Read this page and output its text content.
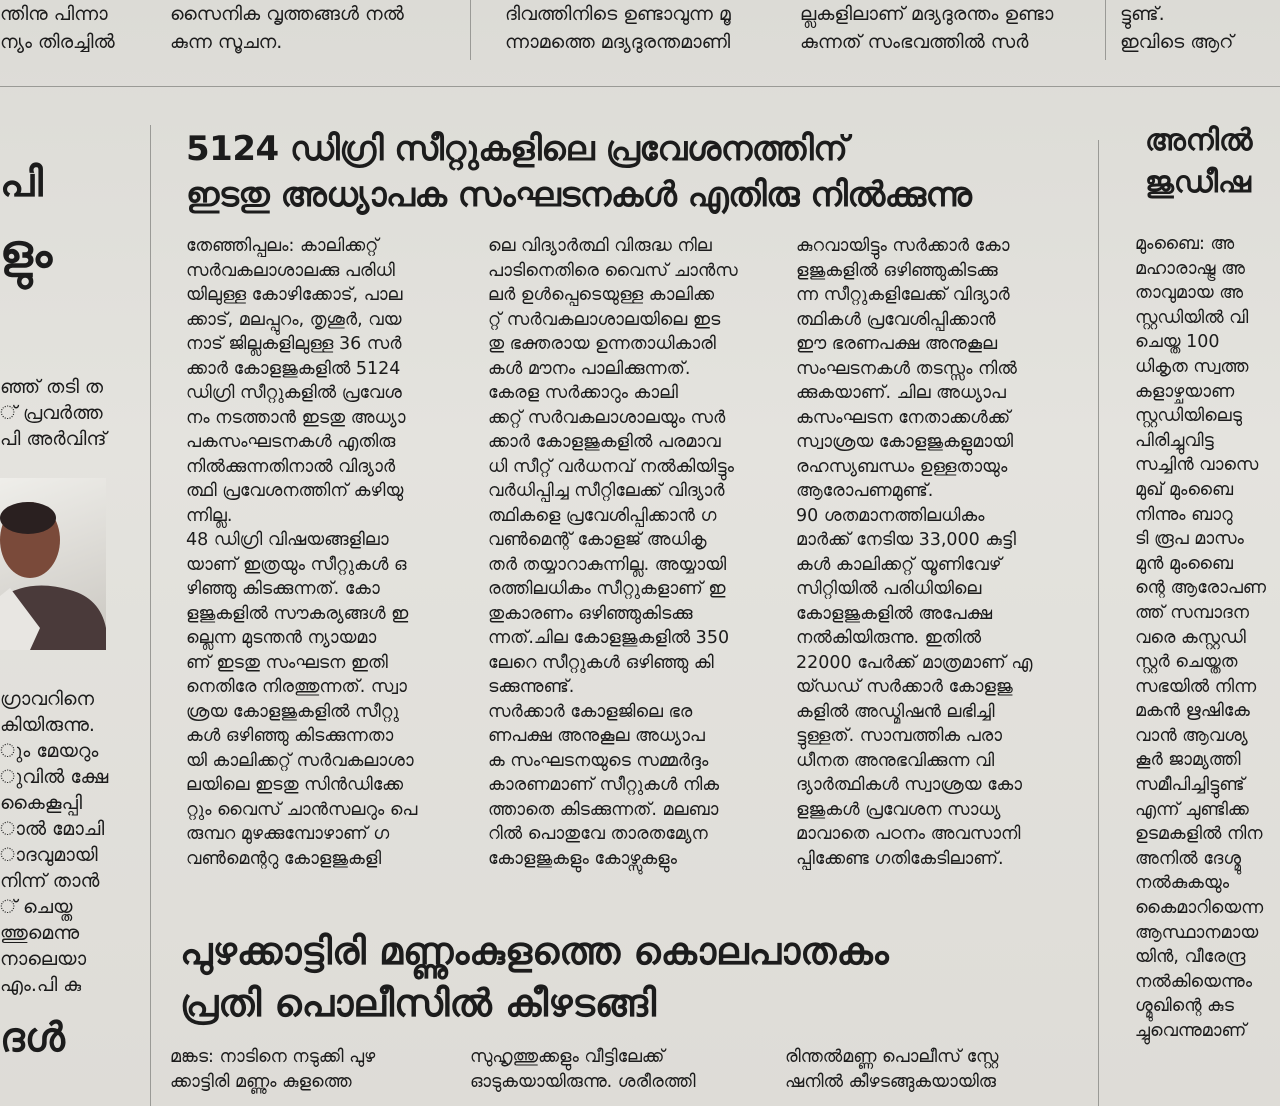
ന്തിനു പിന്നാ
ന്യം തിരച്ചിൽ
സൈനിക വൃത്തങ്ങൾ നൽ
കുന്ന സൂചന.
ദിവത്തിനിടെ ഉണ്ടാവുന്ന മൂ
ന്നാമത്തെ മദ്യദുരന്തമാണി
ല്ലകളിലാണ് മദ്യദുരന്തം ഉണ്ടാ
കുന്നത് സംഭവത്തിൽ സർ
ട്ടുണ്ട്.
ഇവിടെ ആറ്
പി
ളും
ഞ്ഞ് തടി ത
് പ്രവർത്ത
പി അർവിന്ദ്
ഗ്രാവറിനെ
കിയിരുന്നു.
ും മേയറും
ുവിൽ ക്ഷേ
കൈകൂപ്പി
ാൽ മോചി
ാദവുമായി
നിന്ന് താൻ
് ചെയ്ത
ത്തുമെന്നു
നാലെയാ
എം.പി കു
ദൾ
5124 ഡിഗ്രി സീറ്റുകളിലെ പ്രവേശനത്തിന്
ഇടതു അധ്യാപക സംഘടനകൾ എതിരു നിൽക്കുന്നു
തേഞ്ഞിപ്പലം: കാലിക്കറ്റ്
സർവകലാശാലക്കു പരിധി
യിലുള്ള കോഴിക്കോട്, പാല
ക്കാട്, മലപ്പുറം, തൃശൂർ, വയ
നാട് ജില്ലകളിലുള്ള 36 സർ
ക്കാർ കോളജുകളിൽ 5124
ഡിഗ്രി സീറ്റുകളിൽ പ്രവേശ
നം നടത്താൻ ഇടതു അധ്യാ
പകസംഘടനകൾ എതിരു
നിൽക്കുന്നതിനാൽ വിദ്യാർ
ത്ഥി പ്രവേശനത്തിന് കഴിയു
ന്നില്ല.
48 ഡിഗ്രി വിഷയങ്ങളിലാ
യാണ് ഇത്രയും സീറ്റുകൾ ഒ
ഴിഞ്ഞു കിടക്കുന്നത്. കോ
ളജുകളിൽ സൗകര്യങ്ങൾ ഇ
ല്ലെന്ന മുടന്തൻ ന്യായമാ
ണ് ഇടതു സംഘടന ഇതി
നെതിരേ നിരത്തുന്നത്. സ്വാ
ശ്രയ കോളജുകളിൽ സീറ്റു
കൾ ഒഴിഞ്ഞു കിടക്കുന്നതാ
യി കാലിക്കറ്റ് സർവകലാശാ
ലയിലെ ഇടതു സിൻഡിക്കേ
റ്റും വൈസ് ചാൻസലറും പെ
രുമ്പറ മുഴക്കുമ്പോഴാണ് ഗ
വൺമെന്ററു കോളജുകളി
ലെ വിദ്യാർത്ഥി വിരുദ്ധ നില
പാടിനെതിരെ വൈസ് ചാൻസ
ലർ ഉൾപ്പെടെയുള്ള കാലിക്ക
റ്റ് സർവകലാശാലയിലെ ഇട
തു ഭക്തരായ ഉന്നതാധികാരി
കൾ മൗനം പാലിക്കുന്നത്.
കേരള സർക്കാറും കാലി
ക്കറ്റ് സർവകലാശാലയും സർ
ക്കാർ കോളജുകളിൽ പരമാവ
ധി സീറ്റ് വർധനവ് നൽകിയിട്ടും
വർധിപ്പിച്ച സീറ്റിലേക്ക് വിദ്യാർ
ത്ഥികളെ പ്രവേശിപ്പിക്കാൻ ഗ
വൺമെന്റ് കോളജ് അധികൃ
തർ തയ്യാറാകുന്നില്ല. അയ്യായി
രത്തിലധികം സീറ്റുകളാണ് ഇ
തുകാരണം ഒഴിഞ്ഞുകിടക്കു
ന്നത്.ചില കോളജുകളിൽ 350
ലേറെ സീറ്റുകൾ ഒഴിഞ്ഞു കി
ടക്കുന്നുണ്ട്.
സർക്കാർ കോളജിലെ ഭര
ണപക്ഷ അനുകൂല അധ്യാപ
ക സംഘടനയുടെ സമ്മർദ്ദം
കാരണമാണ് സീറ്റുകൾ നിക
ത്താതെ കിടക്കുന്നത്. മലബാ
റിൽ പൊതുവേ താരതമ്യേന
കോളജുകളും കോഴ്സുകളും
കുറവായിട്ടും സർക്കാർ കോ
ളജുകളിൽ ഒഴിഞ്ഞുകിടക്കു
ന്ന സീറ്റുകളിലേക്ക് വിദ്യാർ
ത്ഥികൾ പ്രവേശിപ്പിക്കാൻ
ഈ ഭരണപക്ഷ അനുകൂല
സംഘടനകൾ തടസ്സം നിൽ
ക്കുകയാണ്. ചില അധ്യാപ
കസംഘടന നേതാക്കൾക്ക്
സ്വാശ്രയ കോളജുകളുമായി
രഹസ്യബന്ധം ഉള്ളതായും
ആരോപണമുണ്ട്.
90 ശതമാനത്തിലധികം
മാർക്ക് നേടിയ 33,000 കുട്ടി
കൾ കാലിക്കറ്റ് യൂണിവേഴ്
സിറ്റിയിൽ പരിധിയിലെ
കോളജുകളിൽ അപേക്ഷ
നൽകിയിരുന്നു. ഇതിൽ
22000 പേർക്ക് മാത്രമാണ് എ
യ്ഡഡ് സർക്കാർ കോളജു
കളിൽ അഡ്മിഷൻ ലഭിച്ചി
ട്ടുള്ളത്. സാമ്പത്തിക പരാ
ധീനത അനുഭവിക്കുന്ന വി
ദ്യാർത്ഥികൾ സ്വാശ്രയ കോ
ളജുകൾ പ്രവേശന സാധ്യ
മാവാതെ പഠനം അവസാനി
പ്പിക്കേണ്ട ഗതികേടിലാണ്.
പുഴക്കാട്ടിരി മണ്ണുംകുളത്തെ കൊലപാതകം
പ്രതി പൊലീസിൽ കീഴടങ്ങി
മങ്കട: നാടിനെ നടുക്കി പുഴ
ക്കാട്ടിരി മണ്ണും കുളത്തെ
സുഹൃത്തുക്കളും വീട്ടിലേക്ക്
ഓടുകയായിരുന്നു. ശരീരത്തി
രിന്തൽമണ്ണ പൊലീസ് സ്റ്റേ
ഷനിൽ കീഴടങ്ങുകയായിരു
അനിൽ
ജുഡീഷ
മുംബൈ: അ
മഹാരാഷ്ട്ര അ
താവുമായ അ
സ്റ്റഡിയിൽ വി
ചെയ്ത 100 ‍
ധികൃത സ്വത്ത
കളാഴ്ചയാണ
സ്റ്റഡിയിലെടു
പിരിച്ചുവിട്ട
സച്ചിൻ വാസെ
മുഖ് മുംബൈ
നിന്നും ബാറു
ടി രൂപ മാസം
മുൻ മുംബൈ
ന്റെ ആരോപണ
ത്ത് സമ്പാദന
വരെ കസ്റ്റഡി
സ്റ്റർ ചെയ്തത
സഭയിൽ നിന്ന
മകൻ ഋഷികേ
വാൻ ആവശ്യ
കൂർ ജാമ്യത്തി
സമീപിച്ചിട്ടുണ്ട്
എന്ന് ചുണ്ടിക്ക
ഉടമകളിൽ നിന
അനിൽ ദേശ്മു
നൽകുകയും ‍
കൈമാറിയെന്ന
ആസ്ഥാനമായ
യിൻ, വീരേന്ദ്ര ‍
നൽകിയെന്നും
ശ്മുഖിന്റെ കുട
ച്ചുവെന്നുമാണ്
